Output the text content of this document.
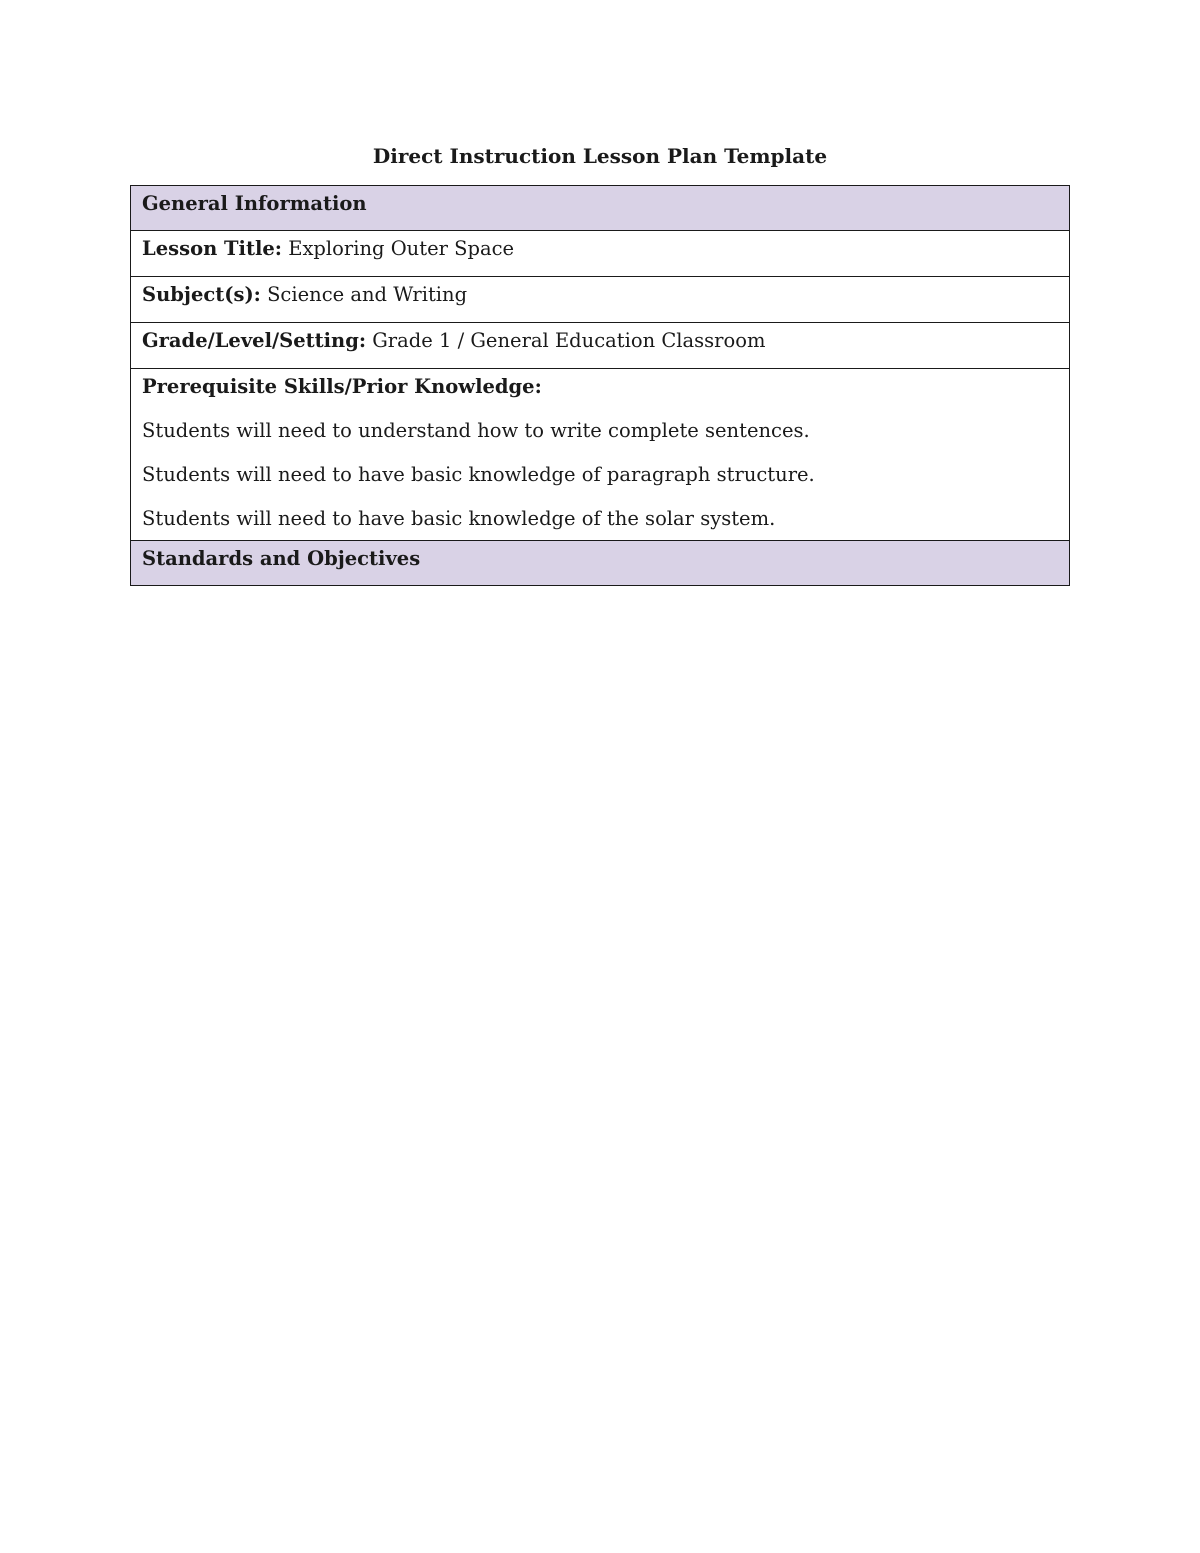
Direct Instruction Lesson Plan Template
General Information
Lesson Title: Exploring Outer Space
Subject(s): Science and Writing
Grade/Level/Setting: Grade 1 / General Education Classroom
Prerequisite Skills/Prior Knowledge:
Students will need to understand how to write complete sentences.
Students will need to have basic knowledge of paragraph structure.
Students will need to have basic knowledge of the solar system.

Standards and Objectives
